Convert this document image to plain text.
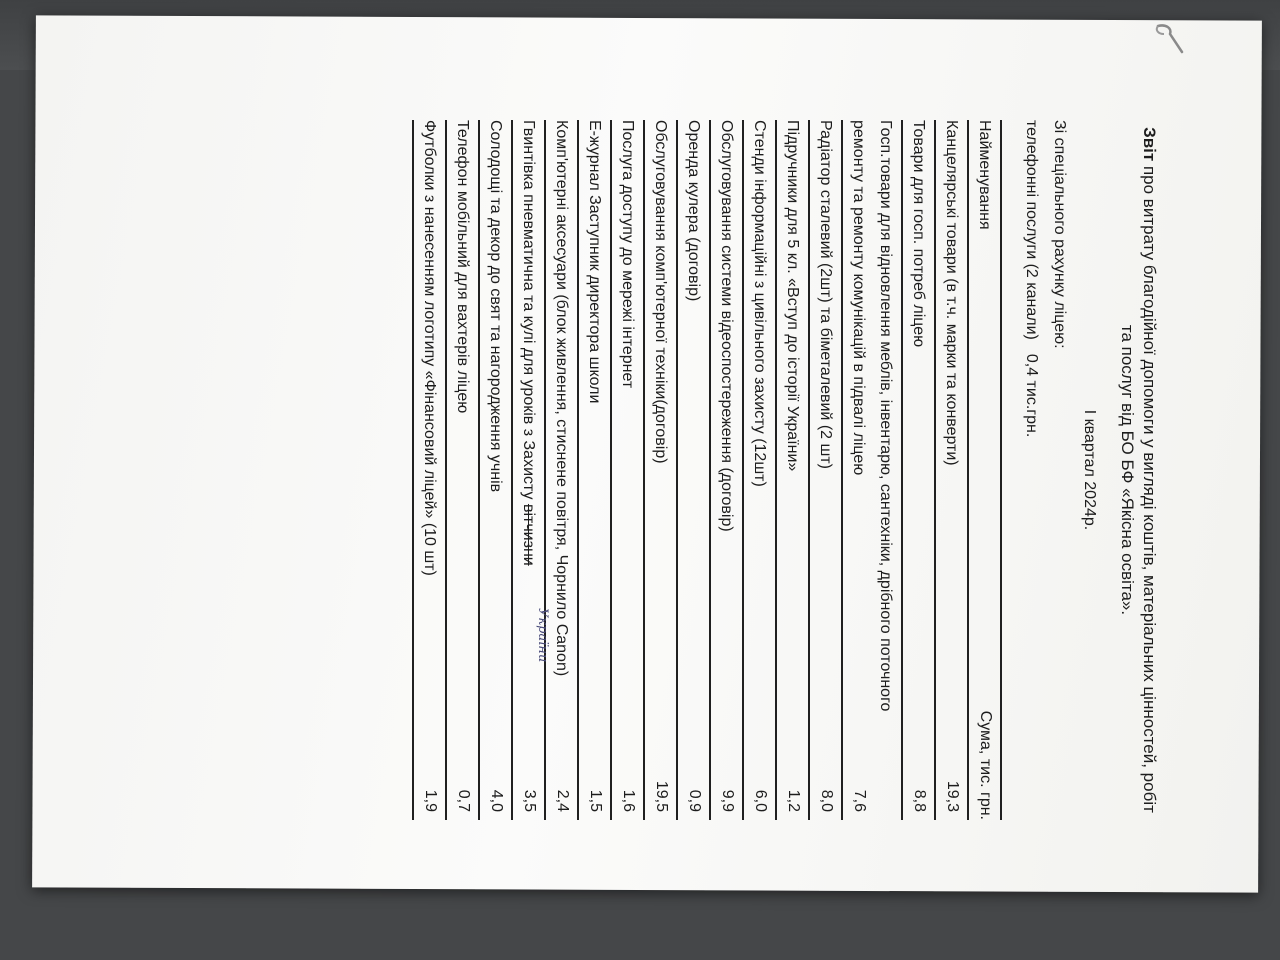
Звіт про витрату благодійної допомоги у вигляді коштів, матеріальних цінностей, робіт та послуг від БО БФ «Якісна освіта».
І квартал 2024р.
Зі спеціального рахунку ліцею:
телефонні послуги (2 канали)0,4 тис.грн.
Найменування
Сума, тис. грн.
Канцелярські товари (в т.ч. марки та конверти)
19,3
Товари для госп. потреб ліцею
8,8
Госп.товари для відновлення меблів, інвентарю, сантехніки, дрібного поточного ремонту та ремонту комунікацій в підвалі ліцею
7,6
Радіатор сталевий (2шт) та біметалевий (2 шт)
8,0
Підручники для 5 кл. «Вступ до історії України»
1,2
Стенди інформаційні з цивільного захисту (12шт)
6,0
Обслуговування системи відеоспостереження (договір)
9,9
Оренда кулера (договір)
0,9
Обслуговування комп'ютерної техніки(договір)
19,5
Послуга доступу до мережі інтернет
1,6
Е-журнал Заступник директора школи
1,5
Комп'ютерні аксесуари (блок живлення, стиснене повітря, Чорнило Canon)
2,4
Гвинтівка пневматична та кулі для уроків з Захисту вітчизни
України
3,5
Солодощі та декор до свят та нагородження учнів
4,0
Телефон мобільний для вахтерів ліцею
0,7
Футболки з нанесенням логотипу «Фінансовий ліцей» (10 шт)
1,9
